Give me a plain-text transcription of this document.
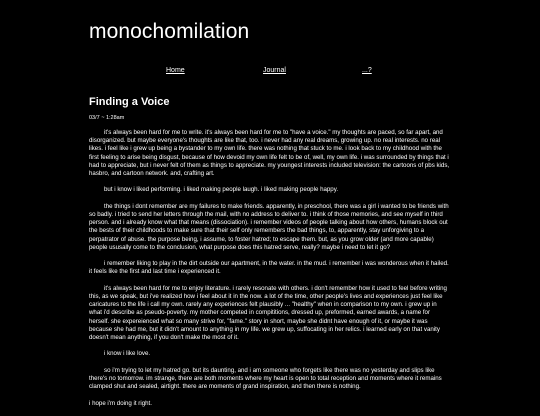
monochomilation
Home	Journal	...?
Finding a Voice
03/7 ~ 1:28am

it's always been hard for me to write. it's always been hard for me to "have a voice." my thoughts are paced, so far apart, and disorganized. but maybe everyone's thoughts are like that, too. i never had any real dreams, growing up. no real interests. no real likes. i feel like i grew up being a bystander to my own life. there was nothing that stuck to me. i look back to my childhood with the first feeling to arise being disgust, because of how devoid my own life felt to be of, well, my own life. i was surrounded by things that i had to appreciate, but i never felt of them as things to appreciate. my youngest interests included television: the cartoons of pbs kids, hasbro, and cartoon network. and, crafting art.

but i know i liked performing. i liked making people laugh. i liked making people happy.

the things i dont remember are my failures to make friends. apparently, in preschool, there was a girl i wanted to be friends with so badly. i tried to send her letters through the mail, with no address to deliver to. i think of those memories, and see myself in third person. and i already know what that means (dissociation). i remember videos of people talking about how others, humans block out the bests of their childhoods to make sure that their self only remembers the bad things, to, apparently, stay unforgiving to a perpatrator of abuse. the purpose being, i assume, to foster hatred; to escape them. but, as you grow older (and more capable) people ususally come to the conclusion, what purpose does this hatred serve, really? maybe i need to let it go?

i remember liking to play in the dirt outside our apartment, in the water. in the mud. i remember i was wonderous when it hailed. it feels like the first and last time i experienced it.

it's always been hard for me to enjoy literature. i rarely resonate with others. i don't remember how it used to feel before writing this, as we speak, but i've realized how i feel about it in the now. a lot of the time, other people's lives and experiences just feel like caricatures to the life i call my own. rarely any experiences felt plausibly ... "healthy" when in comparison to my own. i grew up in what i'd describe as pseudo-poverty. my mother competed in compititions, dressed up, preformed, earned awards, a name for herself. she expereienced what so many strive for, "fame." story in short, maybe she didnt have enough of it, or maybe it was because she had me, but it didn't amount to anything in my life. we grew up, suffocating in her relics. i learned early on that vanity doesn't mean anything, if you don't make the most of it.

i know i like love.

so i'm trying to let my hatred go. but its daunting, and i am someone who forgets like there was no yesterday and slips like there's no tomorrow. im strange, there are both moments where my heart is open to total reception and moments where it remains clamped shut and sealed, airtight. there are moments of grand inspiration, and then there is nothing.

i hope i'm doing it right.
